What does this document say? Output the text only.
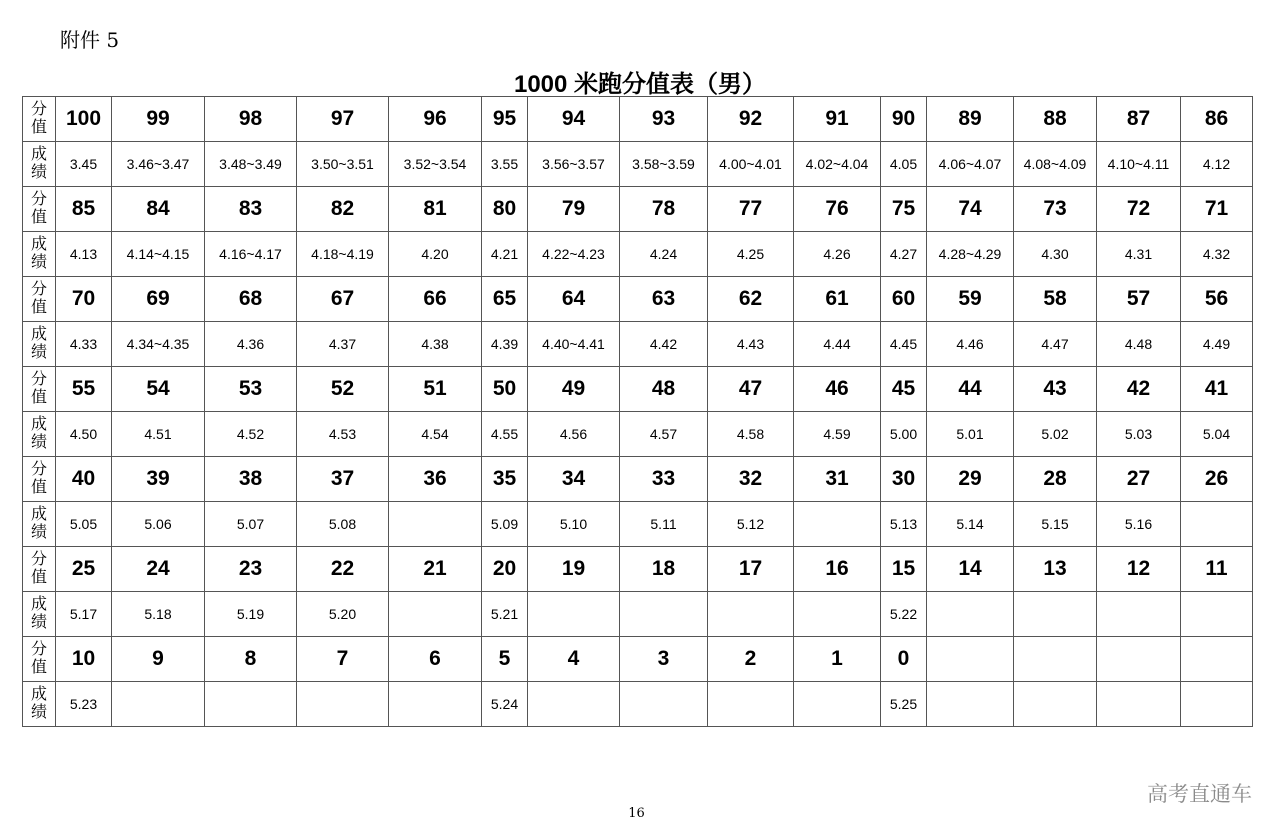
附件 5
1000 米跑分值表（男）
分
值	100	99	98	97	96	95	94	93	92	91	90	89	88	87	86

成
绩	3.45	3.46~3.47	3.48~3.49	3.50~3.51	3.52~3.54	3.55	3.56~3.57	3.58~3.59	4.00~4.01	4.02~4.04	4.05	4.06~4.07	4.08~4.09	4.10~4.11	4.12

分
值	85	84	83	82	81	80	79	78	77	76	75	74	73	72	71

成
绩	4.13	4.14~4.15	4.16~4.17	4.18~4.19	4.20	4.21	4.22~4.23	4.24	4.25	4.26	4.27	4.28~4.29	4.30	4.31	4.32

分
值	70	69	68	67	66	65	64	63	62	61	60	59	58	57	56

成
绩	4.33	4.34~4.35	4.36	4.37	4.38	4.39	4.40~4.41	4.42	4.43	4.44	4.45	4.46	4.47	4.48	4.49

分
值	55	54	53	52	51	50	49	48	47	46	45	44	43	42	41

成
绩	4.50	4.51	4.52	4.53	4.54	4.55	4.56	4.57	4.58	4.59	5.00	5.01	5.02	5.03	5.04

分
值	40	39	38	37	36	35	34	33	32	31	30	29	28	27	26

成
绩	5.05	5.06	5.07	5.08		5.09	5.10	5.11	5.12		5.13	5.14	5.15	5.16	

分
值	25	24	23	22	21	20	19	18	17	16	15	14	13	12	11

成
绩	5.17	5.18	5.19	5.20		5.21					5.22				

分
值	10	9	8	7	6	5	4	3	2	1	0				

成
绩	5.23					5.24					5.25				
16
高考直通车
